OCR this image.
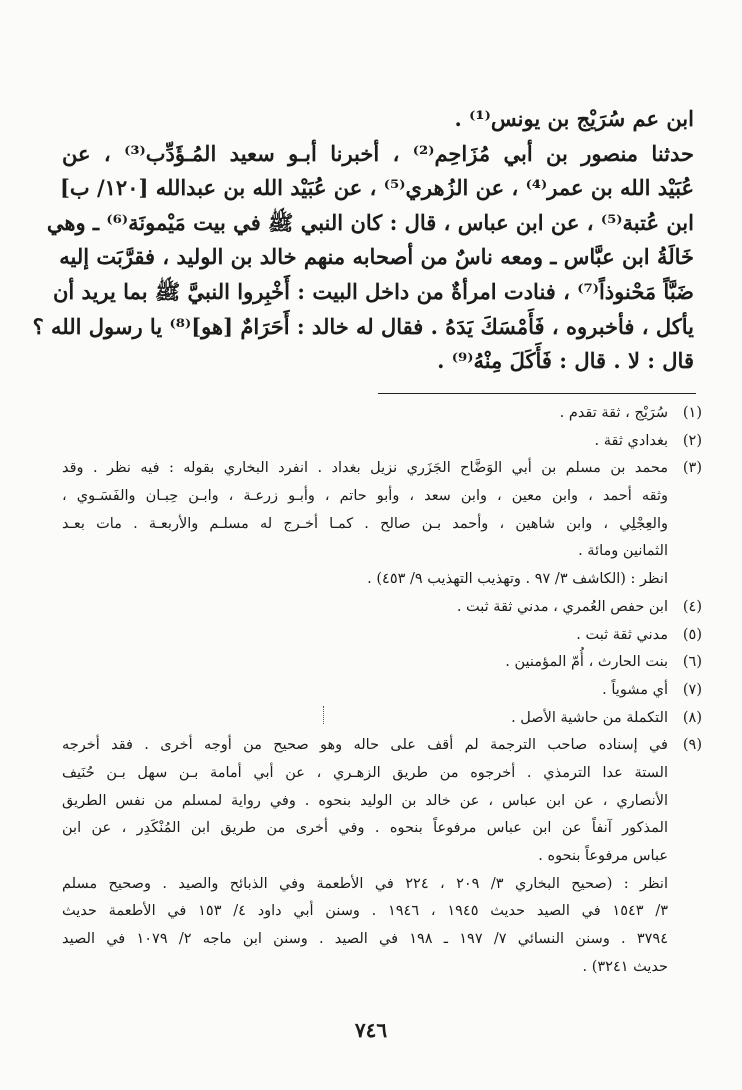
ابن عم سُرَيْج بن يونس⁽¹⁾ .
حدثنا منصور بن أبي مُزَاحِم⁽²⁾ ، أخبرنا أبـو سعيد المُـؤَدِّب⁽³⁾ ، عن
عُبَيْد الله بن عمر⁽⁴⁾ ، عن الزُهري⁽⁵⁾ ، عن عُبَيْد الله بن عبدالله [١٢٠/ ب]
ابن عُتبة⁽⁵⁾ ، عن ابن عباس ، قال : كان النبي ﷺ في بيت مَيْمونَة⁽⁶⁾ ـ وهي
خَالَةُ ابن عبَّاس ـ ومعه ناسٌ من أصحابه منهم خالد بن الوليد ، فقرَّبَت إليه
ضَبَّاً مَحْنوذاً⁽⁷⁾ ، فنادت امرأةٌ من داخل البيت : أَخْبِروا النبيَّ ﷺ بما يريد أن
يأكل ، فأخبروه ، فَأَمْسَكَ يَدَهُ . فقال له خالد : أَحَرَامٌ [هو]⁽⁸⁾ يا رسول الله ؟
قال : لا . قال : فَأَكَلَ مِنْهُ⁽⁹⁾ .
(١)

سُرَيْج ، ثقة تقدم .

(٢)

بغدادي ثقة .

(٣)

محمد بن مسلم بن أبي الوَضَّاح الجَزَري نزيل بغداد . انفرد البخاري بقوله : فيه نظر . وقد

وثقه أحمد ، وابن معين ، وابن سعد ، وأبو حاتم ، وأبـو زرعـة ، وابـن حِبـان والفَسَـوي ،

والعِجْلِي ، وابن شاهين ، وأحمد بـن صالح . كمـا أخـرج له مسلـم والأربعـة . مات بعـد

الثمانين ومائة .

انظر : (الكاشف ٣/ ٩٧ . وتهذيب التهذيب ٩/ ٤٥٣) .

(٤)

ابن حفص العُمري ، مدني ثقة ثبت .

(٥)

مدني ثقة ثبت .

(٦)

بنت الحارث ، أُمّ المؤمنين .

(٧)

أي مشوياً .

(٨)

التكملة من حاشية الأصل .

(٩)

في إسناده صاحب الترجمة لم أقف على حاله وهو صحيح من أوجه أخرى . فقد أخرجه

الستة عدا الترمذي . أخرجوه من طريق الزهـري ، عن أبي أمامة بـن سهل بـن حُنَيف

الأنصاري ، عن ابن عباس ، عن خالد بن الوليد بنحوه . وفي رواية لمسلم من نفس الطريق

المذكور آنفاً عن ابن عباس مرفوعاً بنحوه . وفي أخرى من طريق ابن المُنْكَدِر ، عن ابن

عباس مرفوعاً بنحوه .

انظر : (صحيح البخاري ٣/ ٢٠٩ ، ٢٢٤ في الأطعمة وفي الذبائح والصيد . وصحيح مسلم

٣/ ١٥٤٣ في الصيد حديث ١٩٤٥ ، ١٩٤٦ . وسنن أبي داود ٤/ ١٥٣ في الأطعمة حديث

٣٧٩٤ . وسنن النسائي ٧/ ١٩٧ ـ ١٩٨ في الصيد . وسنن ابن ماجه ٢/ ١٠٧٩ في الصيد

حديث ٣٢٤١) .

٧٤٦
